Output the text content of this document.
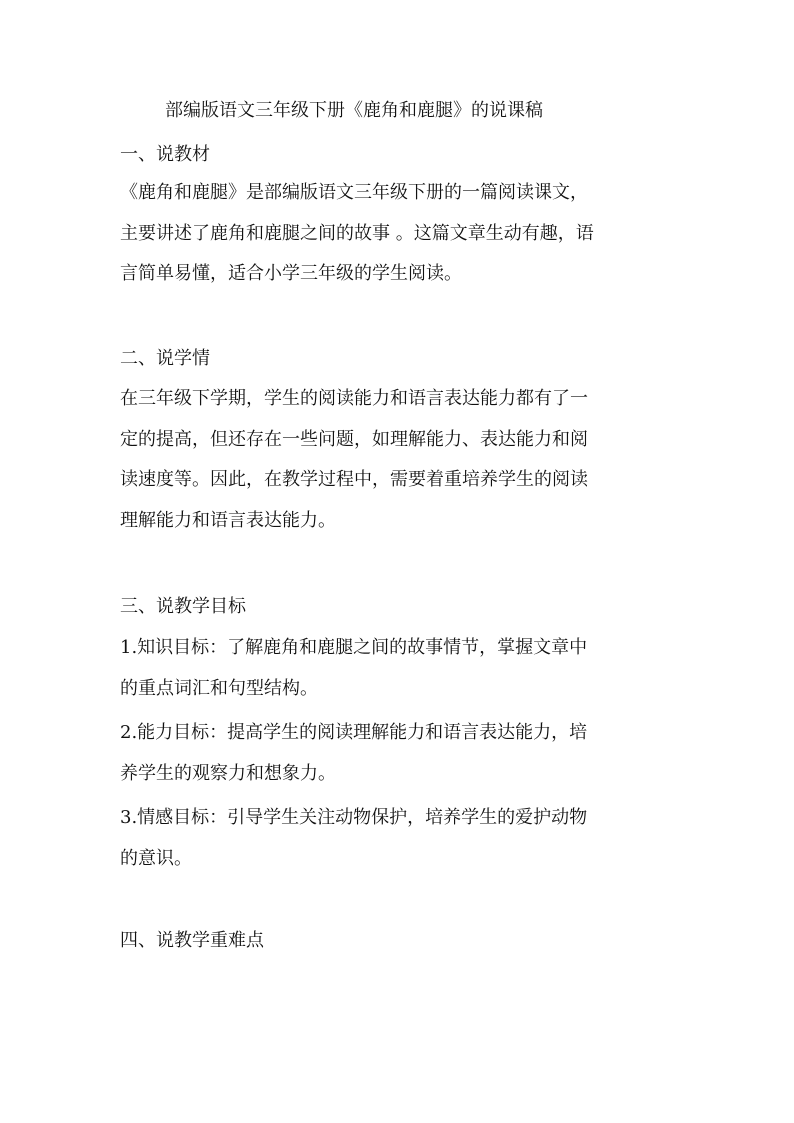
部编版语文三年级下册《鹿角和鹿腿》的说课稿
一、说教材
《鹿角和鹿腿》是部编版语文三年级下册的一篇阅读课文，
主要讲述了鹿角和鹿腿之间的故事 。这篇文章生动有趣，语
言简单易懂，适合小学三年级的学生阅读。
二、说学情
在三年级下学期，学生的阅读能力和语言表达能力都有了一
定的提高，但还存在一些问题，如理解能力、表达能力和阅
读速度等。因此，在教学过程中，需要着重培养学生的阅读
理解能力和语言表达能力。
三、说教学目标
1.知识目标：了解鹿角和鹿腿之间的故事情节，掌握文章中
的重点词汇和句型结构。
2.能力目标：提高学生的阅读理解能力和语言表达能力，培
养学生的观察力和想象力。
3.情感目标：引导学生关注动物保护，培养学生的爱护动物
的意识。
四、说教学重难点
